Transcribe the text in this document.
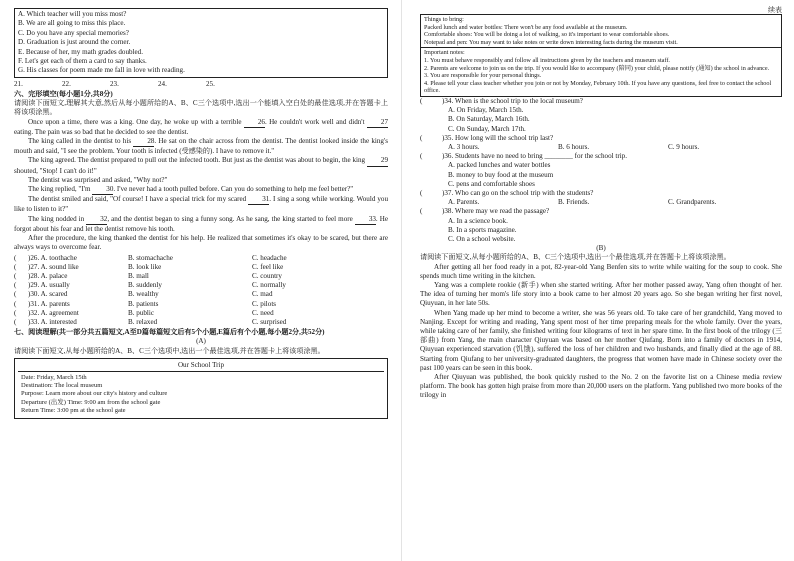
A. Which teacher will you miss most?
B. We are all going to miss this place.
C. Do you have any special memories?
D. Graduation is just around the corner.
E. Because of her, my math grades doubled.
F. Let's get each of them a card to say thanks.
G. His classes for poem made me fall in love with reading.
21.	22.	23.	24.	25.
六、完形填空(每小题1分,共8分)
请阅读下面短文,理解其大意,然后从每小题所给的A、B、C三个选项中,选出一个能填入空白处的最佳选项,并在答题卡上将该项涂黑。
Once upon a time, there was a king. One day, he woke up with a terrible 26. He couldn't work well and didn't 27 eating. The pain was so bad that he decided to see the dentist.
The king called in the dentist to his 28. He sat on the chair across from the dentist. The dentist looked inside the king's mouth and said, "I see the problem. Your tooth is infected (受感染的). I have to remove it."
The king agreed. The dentist prepared to pull out the infected tooth. But just as the dentist was about to begin, the king 29 shouted, "Stop! I can't do it!"
The dentist was surprised and asked, "Why not?"
The king replied, "I'm 30. I've never had a tooth pulled before. Can you do something to help me feel better?"
The dentist smiled and said, "Of course! I have a special trick for my scared 31. I sing a song while working. Would you like to listen to it?"
The king nodded in 32, and the dentist began to sing a funny song. As he sang, the king started to feel more 33. He forgot about his fear and let the dentist remove his tooth.
After the procedure, the king thanked the dentist for his help. He realized that sometimes it's okay to be scared, but there are always ways to overcome fear.
(	)26. A. toothache	B. stomachache	C. headache
(	)27. A. sound like	B. look like	C. feel like
(	)28. A. palace	B. mall	C. country
(	)29. A. usually	B. suddenly	C. normally
(	)30. A. scared	B. wealthy	C. mad
(	)31. A. parents	B. patients	C. pilots
(	)32. A. agreement	B. public	C. need
(	)33. A. interested	B. relaxed	C. surprised
七、阅读理解(共一部分共五篇短文,A至D篇每篇短文后有5个小题,E篇后有个小题,每小题2分,共52分)
(A)
请阅读下面短文,从每小题所给的A、B、C三个选项中,选出一个最佳选项,并在答题卡上将该项涂黑。
Our School Trip
Date: Friday, March 15th
Destination: The local museum
Purpose: Learn more about our city's history and culture
Departure (出发) Time: 9:00 am from the school gate
Return Time: 3:00 pm at the school gate
续表
Things to bring:
Packed lunch and water bottles: There won't be any food available at the museum.
Comfortable shoes: You will be doing a lot of walking, so it's important to wear comfortable shoes.
Notepad and pen: You may want to take notes or write down interesting facts during the museum visit.
Important notes:
1. You must behave responsibly and follow all instructions given by the teachers and museum staff.
2. Parents are welcome to join us on the trip. If you would like to accompany (陪同) your child, please notify (通知) the school in advance.
3. You are responsible for your personal things.
4. Please tell your class teacher whether you join or not by Monday, February 10th. If you have any questions, feel free to contact the school office.
(	)34. When is the school trip to the local museum?
A. On Friday, March 15th.
B. On Saturday, March 16th.
C. On Sunday, March 17th.
(	)35. How long will the school trip last?
A. 3 hours.	B. 6 hours.	C. 9 hours.
(	)36. Students have no need to bring ________ for the school trip.
A. packed lunches and water bottles
B. money to buy food at the museum
C. pens and comfortable shoes
(	)37. Who can go on the school trip with the students?
A. Parents.	B. Friends.	C. Grandparents.
(	)38. Where may we read the passage?
A. In a science book.
B. In a sports magazine.
C. On a school website.
(B)
请阅读下面短文,从每小题所给的A、B、C三个选项中,选出一个最佳选项,并在答题卡上将该项涂黑。
After getting all her food ready in a pot, 82-year-old Yang Benfen sits to write while waiting for the soup to cook. She spends much time writing in the kitchen.
Yang was a complete rookie (新手) when she started writing. After her mother passed away, Yang often thought of her. The idea of turning her mom's life story into a book came to her almost 20 years ago. So she began writing her first novel, Qiuyuan, in her late 50s.
When Yang made up her mind to become a writer, she was 56 years old. To take care of her grandchild, Yang moved to Nanjing. Except for writing and reading, Yang spent most of her time preparing meals for the whole family. Over the years, while taking care of her family, she finished writing four kilograms of text in her spare time. In the first book of the trilogy (三部曲) from Yang, the main character Qiuyuan was based on her mother Qiufang. Born into a family of doctors in 1914, Qiuyuan experienced starvation (饥饿), suffered the loss of her children and two husbands, and finally died at the age of 88. Starting from Qiufang to her university-graduated daughters, the progress that women have made in Chinese society over the past 100 years can be seen in this book.
After Qiuyuan was published, the book quickly rushed to the No. 2 on the favorite list on a Chinese media review platform. The book has gotten high praise from more than 20,000 users on the platform. Yang published two more books of the trilogy in
